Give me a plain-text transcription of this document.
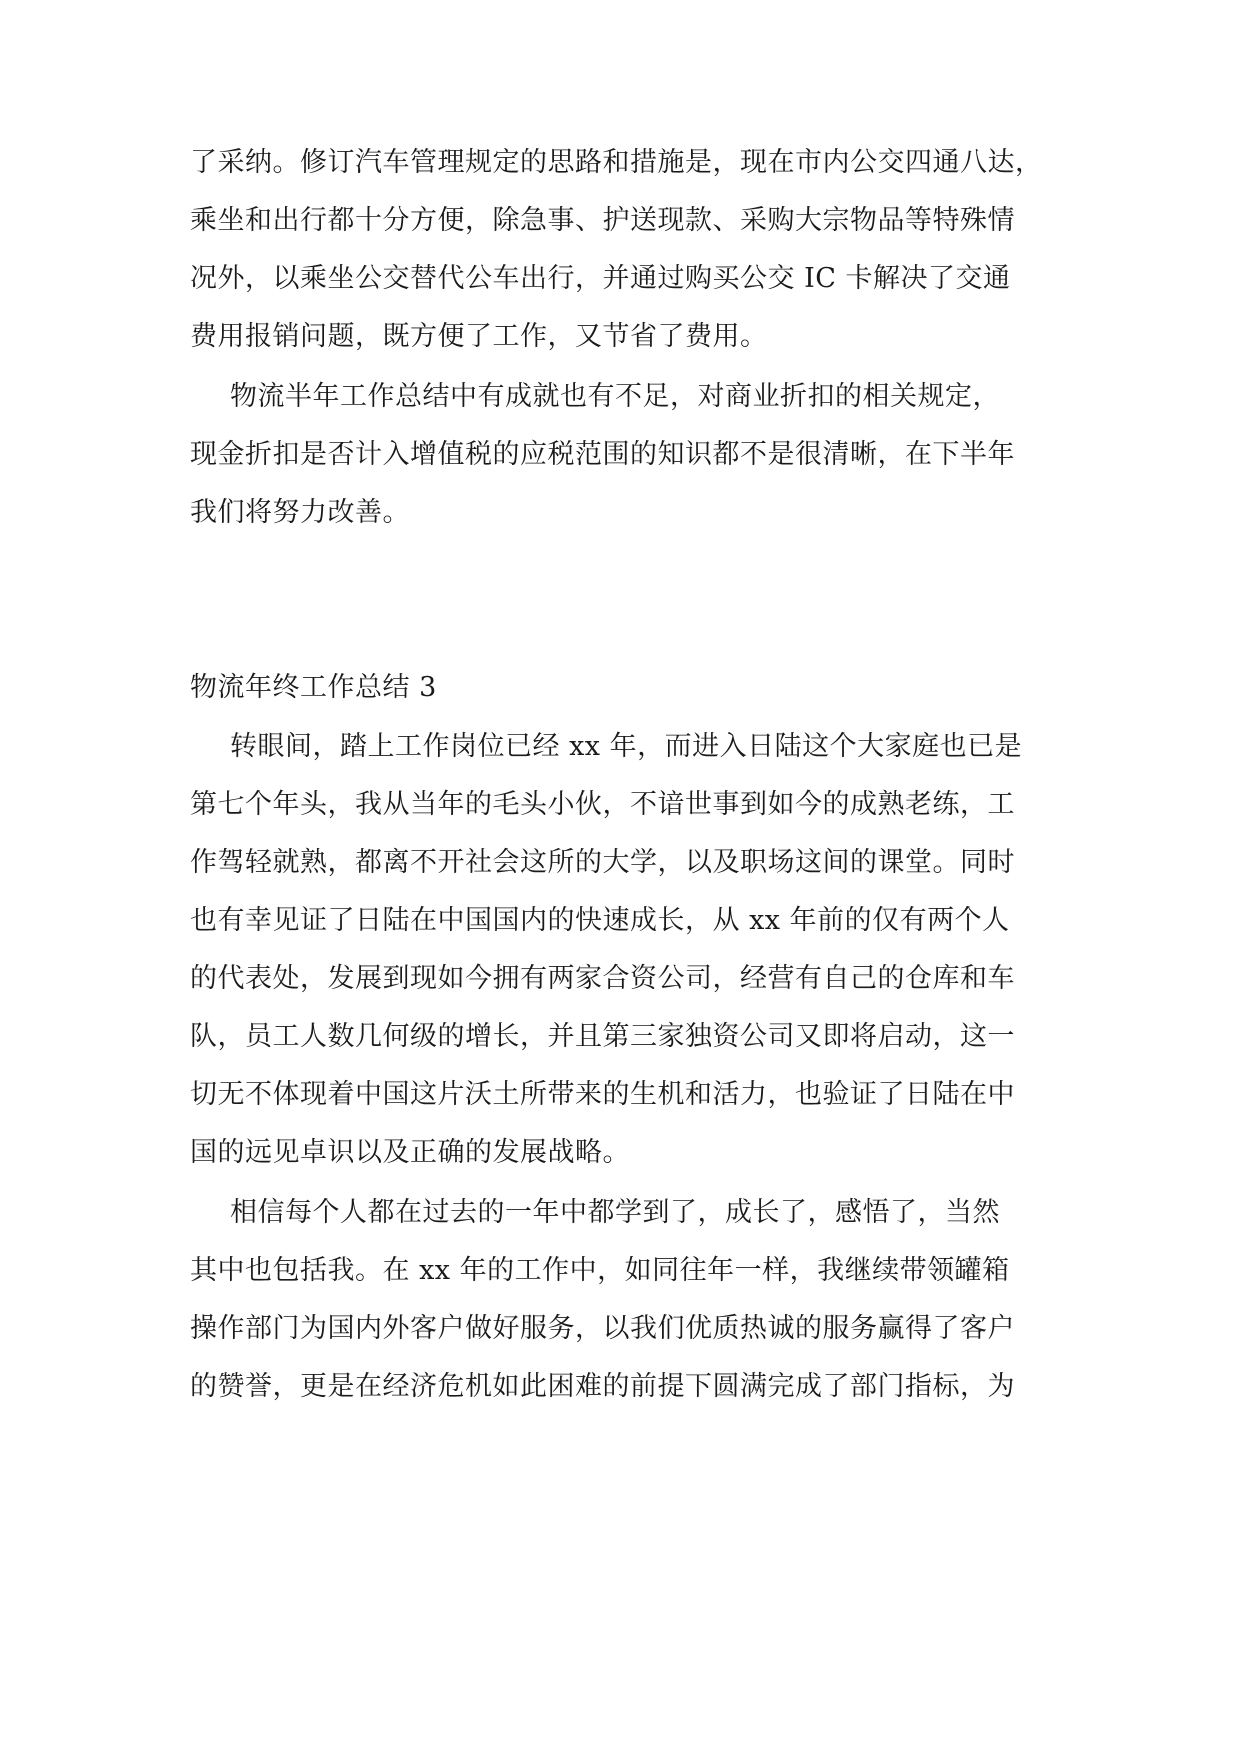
了采纳。修订汽车管理规定的思路和措施是，现在市内公交四通八达，
乘坐和出行都十分方便，除急事、护送现款、采购大宗物品等特殊情
况外，以乘坐公交替代公车出行，并通过购买公交 IC 卡解决了交通
费用报销问题，既方便了工作，又节省了费用。
物流半年工作总结中有成就也有不足，对商业折扣的相关规定，
现金折扣是否计入增值税的应税范围的知识都不是很清晰，在下半年
我们将努力改善。
物流年终工作总结 3
转眼间，踏上工作岗位已经 xx 年，而进入日陆这个大家庭也已是
第七个年头，我从当年的毛头小伙，不谙世事到如今的成熟老练，工
作驾轻就熟，都离不开社会这所的大学，以及职场这间的课堂。同时
也有幸见证了日陆在中国国内的快速成长，从 xx 年前的仅有两个人
的代表处，发展到现如今拥有两家合资公司，经营有自己的仓库和车
队，员工人数几何级的增长，并且第三家独资公司又即将启动，这一
切无不体现着中国这片沃土所带来的生机和活力，也验证了日陆在中
国的远见卓识以及正确的发展战略。
相信每个人都在过去的一年中都学到了，成长了，感悟了，当然
其中也包括我。在 xx 年的工作中，如同往年一样，我继续带领罐箱
操作部门为国内外客户做好服务，以我们优质热诚的服务赢得了客户
的赞誉，更是在经济危机如此困难的前提下圆满完成了部门指标，为
